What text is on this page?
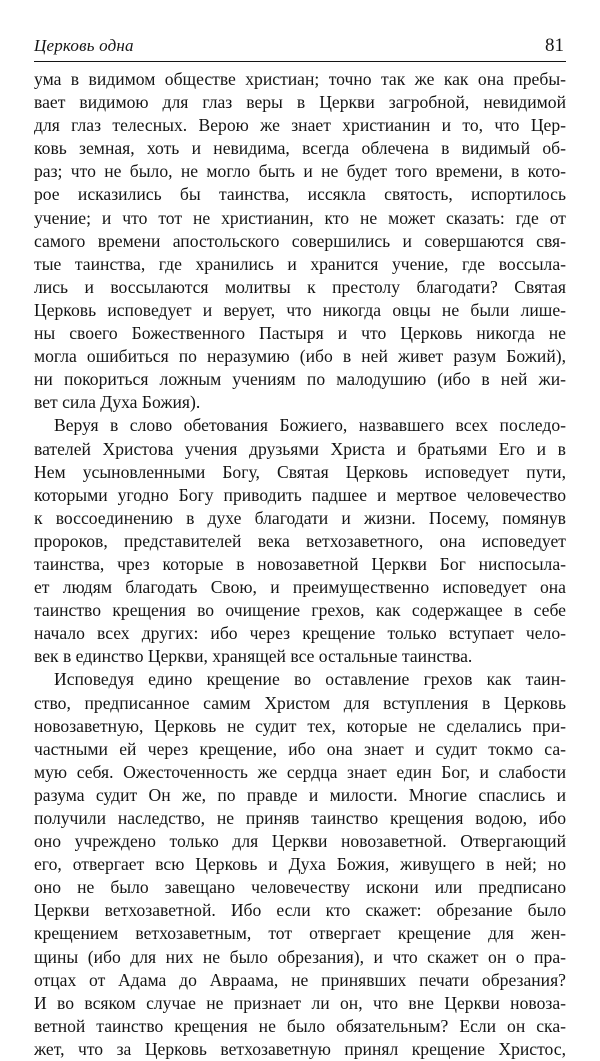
Церковь одна	81
ума в видимом обществе христиан; точно так же как она пребы-
вает видимою для глаз веры в Церкви загробной, невидимой
для глаз телесных. Верою же знает христианин и то, что Цер-
ковь земная, хоть и невидима, всегда облечена в видимый об-
раз; что не было, не могло быть и не будет того времени, в кото-
рое исказились бы таинства, иссякла святость, испортилось
учение; и что тот не христианин, кто не может сказать: где от
самого времени апостольского совершились и совершаются свя-
тые таинства, где хранились и хранится учение, где воссыла-
лись и воссылаются молитвы к престолу благодати? Святая
Церковь исповедует и верует, что никогда овцы не были лише-
ны своего Божественного Пастыря и что Церковь никогда не
могла ошибиться по неразумию (ибо в ней живет разум Божий),
ни покориться ложным учениям по малодушию (ибо в ней жи-
вет сила Духа Божия).
Веруя в слово обетования Божиего, назвавшего всех последо-
вателей Христова учения друзьями Христа и братьями Его и в
Нем усыновленными Богу, Святая Церковь исповедует пути,
которыми угодно Богу приводить падшее и мертвое человечество
к воссоединению в духе благодати и жизни. Посему, помянув
пророков, представителей века ветхозаветного, она исповедует
таинства, чрез которые в новозаветной Церкви Бог ниспосыла-
ет людям благодать Свою, и преимущественно исповедует она
таинство крещения во очищение грехов, как содержащее в себе
начало всех других: ибо через крещение только вступает чело-
век в единство Церкви, хранящей все остальные таинства.
Исповедуя едино крещение во оставление грехов как таин-
ство, предписанное самим Христом для вступления в Церковь
новозаветную, Церковь не судит тех, которые не сделались при-
частными ей через крещение, ибо она знает и судит токмо са-
мую себя. Ожесточенность же сердца знает един Бог, и слабости
разума судит Он же, по правде и милости. Многие спаслись и
получили наследство, не приняв таинство крещения водою, ибо
оно учреждено только для Церкви новозаветной. Отвергающий
его, отвергает всю Церковь и Духа Божия, живущего в ней; но
оно не было завещано человечеству искони или предписано
Церкви ветхозаветной. Ибо если кто скажет: обрезание было
крещением ветхозаветным, тот отвергает крещение для жен-
щины (ибо для них не было обрезания), и что скажет он о пра-
отцах от Адама до Авраама, не принявших печати обрезания?
И во всяком случае не признает ли он, что вне Церкви новоза-
ветной таинство крещения не было обязательным? Если он ска-
жет, что за Церковь ветхозаветную принял крещение Христос,
